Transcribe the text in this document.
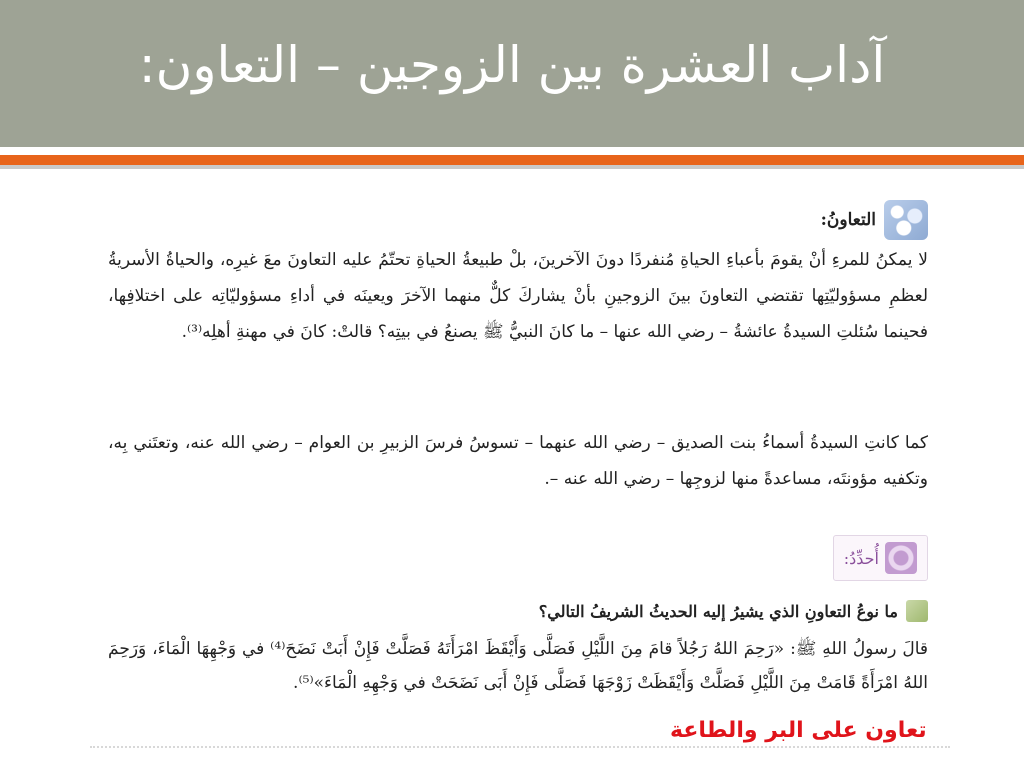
آداب العشرة بين الزوجين – التعاون:
التعاونُ:
لا يمكنُ للمرءِ أنْ يقومَ بأعباءِ الحياةِ مُنفردًا دونَ الآخرينَ، بلْ طبيعةُ الحياةِ تحتّمُ عليه التعاونَ معَ غيرِه، والحياةُ الأسريةُ لعظمِ مسؤوليّتِها تقتضي التعاونَ بينَ الزوجينِ بأنْ يشاركَ كلٌّ منهما الآخرَ ويعينَه في أداءِ مسؤوليّاتِه على اختلافِها، فحينما سُئلتِ السيدةُ عائشةُ – رضي الله عنها – ما كانَ النبيُّ ﷺ يصنعُ في بيتِه؟ قالتْ: كانَ في مهنةِ أهلِه⁽³⁾.
كما كانتِ السيدةُ أسماءُ بنت الصديق – رضي الله عنهما – تسوسُ فرسَ الزبيرِ بن العوام – رضي الله عنه، وتعتَني بِه، وتكفيه مؤونتَه، مساعدةً منها لزوجِها – رضي الله عنه –.
أُحدِّدُ:
ما نوعُ التعاونِ الذي يشيرُ إليه الحديثُ الشريفُ التالي؟
قالَ رسولُ اللهِ ﷺ: «رَحِمَ اللهُ رَجُلاً قامَ مِنَ اللَّيْلِ فَصَلَّى وَأَيْقَظَ امْرَأَتَهُ فَصَلَّتْ فَإِنْ أَبَتْ نَضَحَ⁽⁴⁾ في وَجْهِهَا الْمَاءَ، وَرَحِمَ اللهُ امْرَأَةً قَامَتْ مِنَ اللَّيْلِ فَصَلَّتْ وَأَيْقَظَتْ زَوْجَهَا فَصَلَّى فَإِنْ أَبَى نَضَحَتْ في وَجْهِهِ الْمَاءَ»⁽⁵⁾.
تعاون على البر والطاعة
